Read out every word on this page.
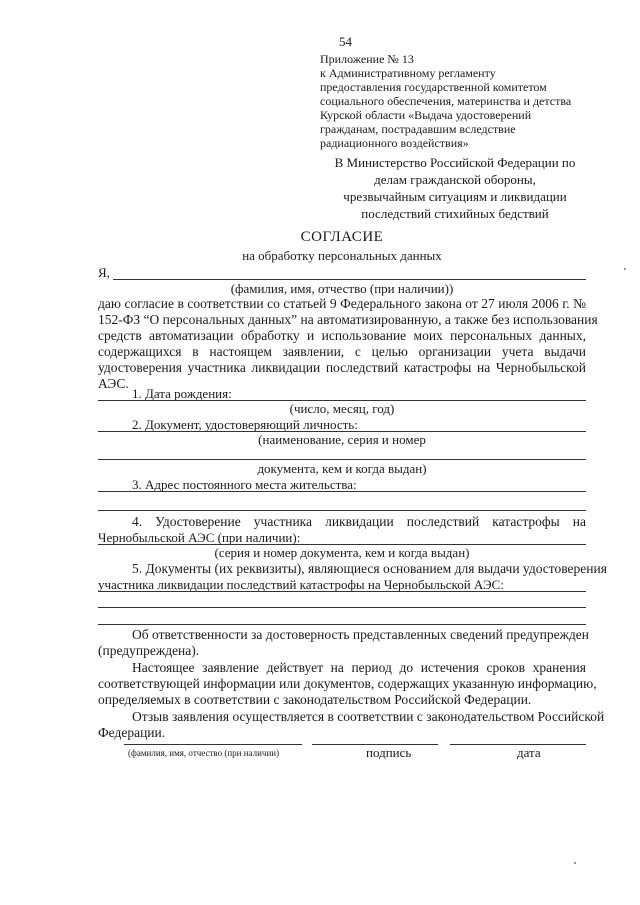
54
Приложение № 13
к Административному регламенту
предоставления государственной комитетом
социального обеспечения, материнства и детства
Курской области «Выдача удостоверений
гражданам, пострадавшим вследствие
радиационного воздействия»
В Министерство Российской Федерации по
делам гражданской обороны,
чрезвычайным ситуациям и ликвидации
последствий стихийных бедствий
СОГЛАСИЕ
на обработку персональных данных
Я,
(фамилия, имя, отчество (при наличии))
даю согласие в соответствии со статьей 9 Федерального закона от 27 июля 2006 г. №
152-ФЗ “О персональных данных” на автоматизированную, а также без использования
средств автоматизации обработку и использование моих персональных данных,
содержащихся в настоящем заявлении, с целью организации учета выдачи
удостоверения участника ликвидации последствий катастрофы на Чернобыльской
АЭС.
1. Дата рождения:
(число, месяц, год)
2. Документ, удостоверяющий личность:
(наименование, серия и номер
документа, кем и когда выдан)
3. Адрес постоянного места жительства:
4. Удостоверение участника ликвидации последствий катастрофы на
Чернобыльской АЭС (при наличии):
(серия и номер документа, кем и когда выдан)
5. Документы (их реквизиты), являющиеся основанием для выдачи удостоверения
участника ликвидации последствий катастрофы на Чернобыльской АЭС:
Об ответственности за достоверность представленных сведений предупрежден
(предупреждена).
Настоящее заявление действует на период до истечения сроков хранения
соответствующей информации или документов, содержащих указанную информацию,
определяемых в соответствии с законодательством Российской Федерации.
Отзыв заявления осуществляется в соответствии с законодательством Российской
Федерации.
(фамилия, имя, отчество (при наличии)	подпись	дата
